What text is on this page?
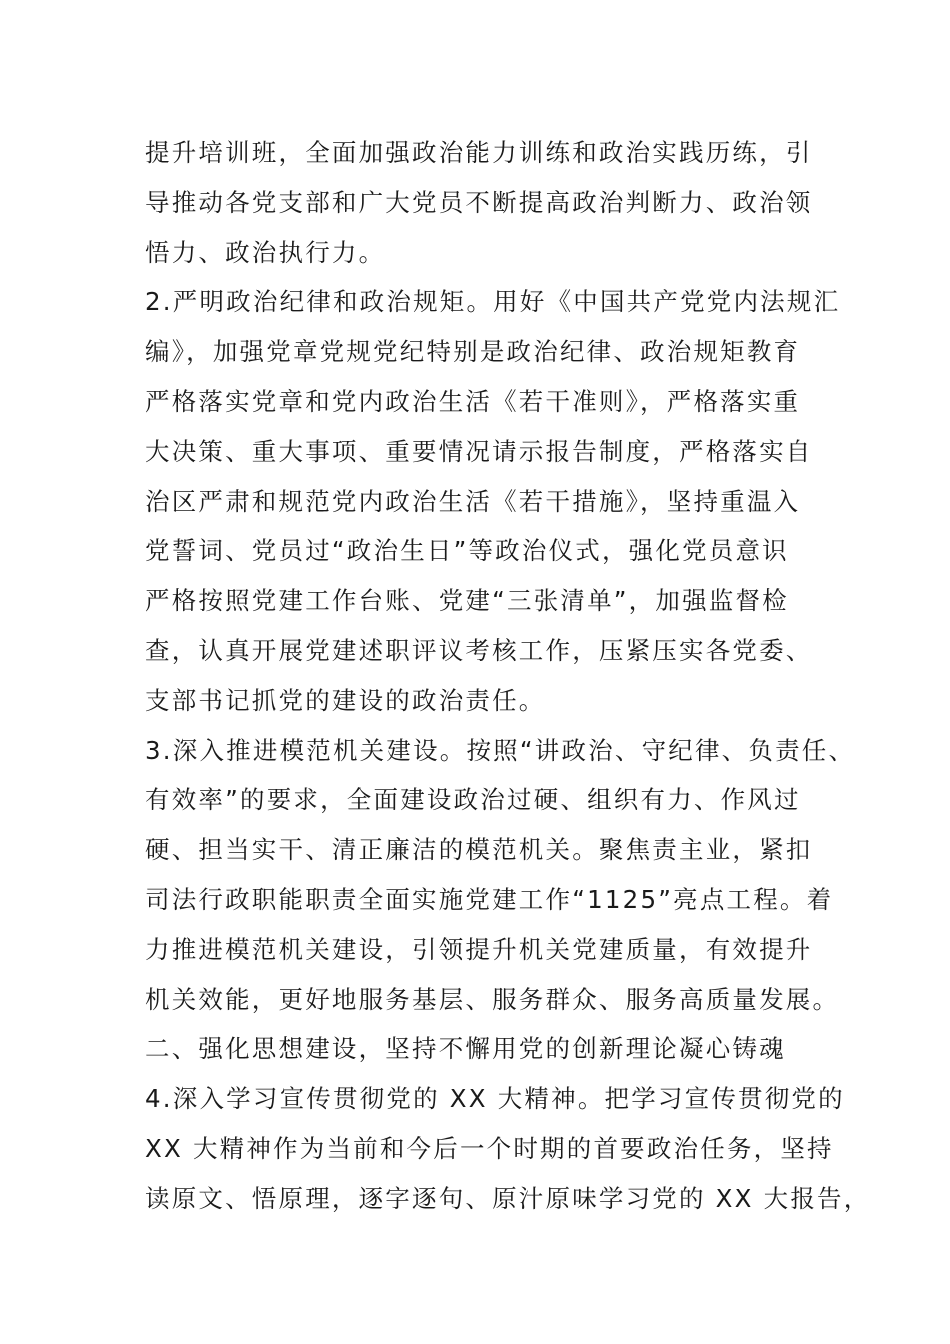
提升培训班，全面加强政治能力训练和政治实践历练，引
导推动各党支部和广大党员不断提高政治判断力、政治领
悟力、政治执行力。
2.严明政治纪律和政治规矩。用好《中国共产党党内法规汇
编》，加强党章党规党纪特别是政治纪律、政治规矩教育
严格落实党章和党内政治生活《若干准则》，严格落实重
大决策、重大事项、重要情况请示报告制度，严格落实自
治区严肃和规范党内政治生活《若干措施》，坚持重温入
党誓词、党员过“政治生日”等政治仪式，强化党员意识
严格按照党建工作台账、党建“三张清单”，加强监督检
查，认真开展党建述职评议考核工作，压紧压实各党委、
支部书记抓党的建设的政治责任。
3.深入推进模范机关建设。按照“讲政治、守纪律、负责任、
有效率”的要求，全面建设政治过硬、组织有力、作风过
硬、担当实干、清正廉洁的模范机关。聚焦责主业，紧扣
司法行政职能职责全面实施党建工作“1125”亮点工程。着
力推进模范机关建设，引领提升机关党建质量，有效提升
机关效能，更好地服务基层、服务群众、服务高质量发展。
二、强化思想建设，坚持不懈用党的创新理论凝心铸魂
4.深入学习宣传贯彻党的 XX 大精神。把学习宣传贯彻党的
XX 大精神作为当前和今后一个时期的首要政治任务，坚持
读原文、悟原理，逐字逐句、原汁原味学习党的 XX 大报告，
